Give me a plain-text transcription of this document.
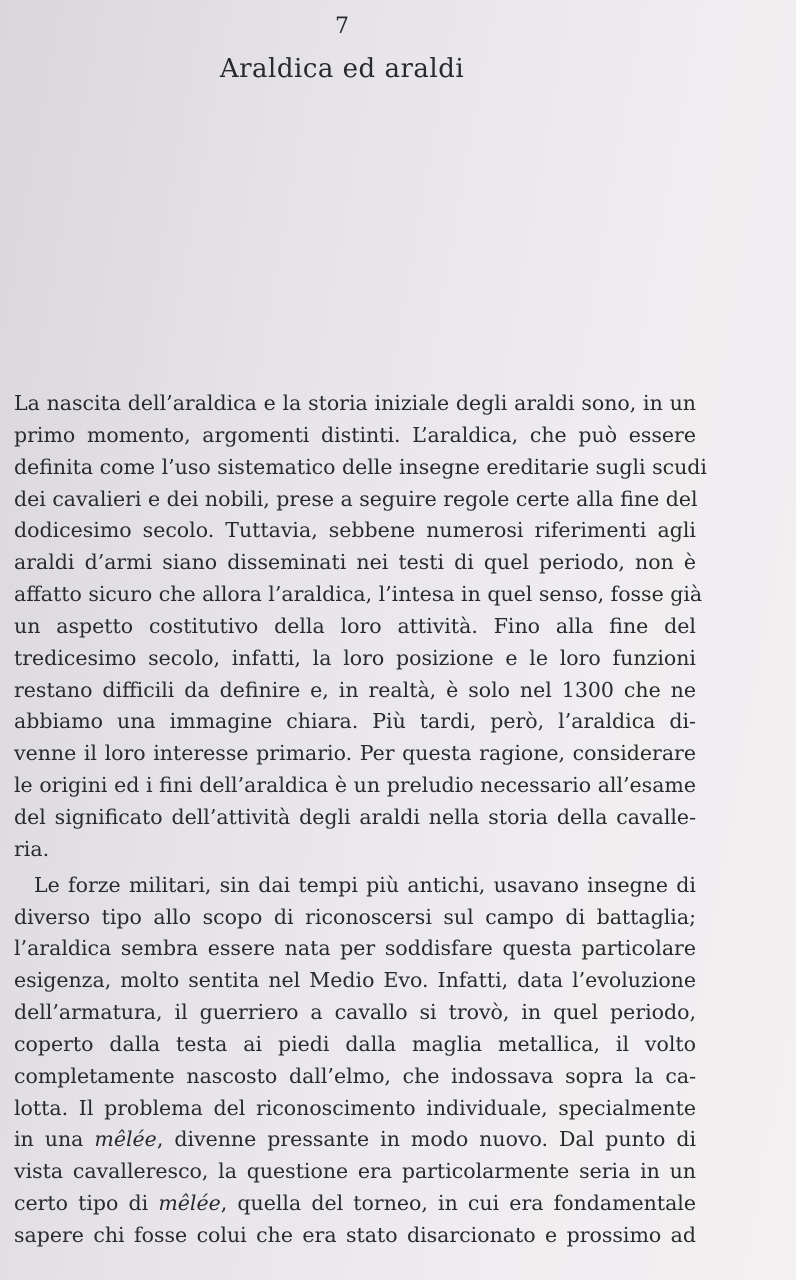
7
Araldica ed araldi
La nascita dell’araldica e la storia iniziale degli araldi sono, in un
primo momento, argomenti distinti. L’araldica, che può essere
definita come l’uso sistematico delle insegne ereditarie sugli scudi
dei cavalieri e dei nobili, prese a seguire regole certe alla fine del
dodicesimo secolo. Tuttavia, sebbene numerosi riferimenti agli
araldi d’armi siano disseminati nei testi di quel periodo, non è
affatto sicuro che allora l’araldica, l’intesa in quel senso, fosse già
un aspetto costitutivo della loro attività. Fino alla fine del
tredicesimo secolo, infatti, la loro posizione e le loro funzioni
restano difficili da definire e, in realtà, è solo nel 1300 che ne
abbiamo una immagine chiara. Più tardi, però, l’araldica di-
venne il loro interesse primario. Per questa ragione, considerare
le origini ed i fini dell’araldica è un preludio necessario all’esame
del significato dell’attività degli araldi nella storia della cavalle-
ria.
Le forze militari, sin dai tempi più antichi, usavano insegne di
diverso tipo allo scopo di riconoscersi sul campo di battaglia;
l’araldica sembra essere nata per soddisfare questa particolare
esigenza, molto sentita nel Medio Evo. Infatti, data l’evoluzione
dell’armatura, il guerriero a cavallo si trovò, in quel periodo,
coperto dalla testa ai piedi dalla maglia metallica, il volto
completamente nascosto dall’elmo, che indossava sopra la ca-
lotta. Il problema del riconoscimento individuale, specialmente
in una mêlée, divenne pressante in modo nuovo. Dal punto di
vista cavalleresco, la questione era particolarmente seria in un
certo tipo di mêlée, quella del torneo, in cui era fondamentale
sapere chi fosse colui che era stato disarcionato e prossimo ad
